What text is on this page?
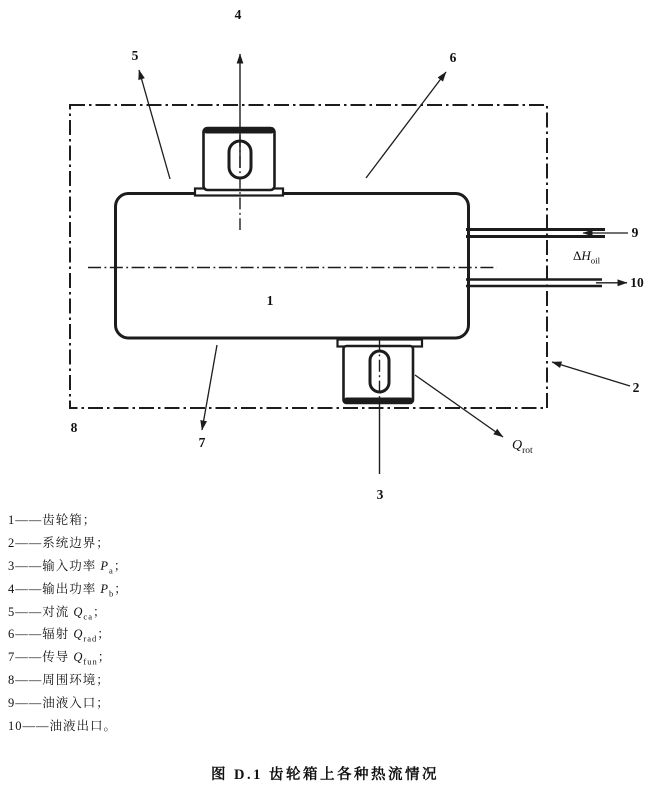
4
5	6
1
9
10
2
8
7
3
$\Delta H_{oil}$
$Q_{rot}$
1——齿轮箱；
2——系统边界；
3——输入功率 $P_a$；
4——输出功率 $P_b$；
5——对流 $Q_{ca}$；
6——辐射 $Q_{rad}$；
7——传导 $Q_{fun}$；
8——周围环境；
9——油液入口；
10——油液出口。
图 D.1 齿轮箱上各种热流情况
